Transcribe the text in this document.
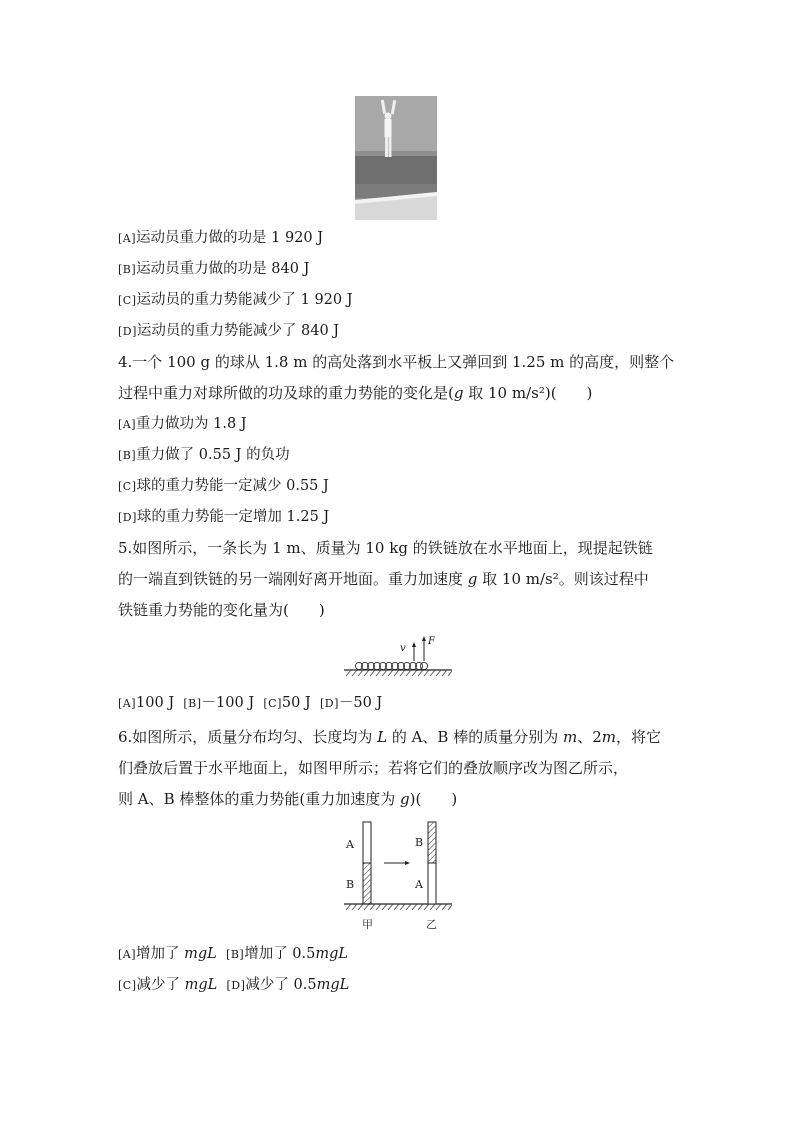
[A]运动员重力做的功是 1 920 J
[B]运动员重力做的功是 840 J
[C]运动员的重力势能减少了 1 920 J
[D]运动员的重力势能减少了 840 J
4.一个 100 g 的球从 1.8 m 的高处落到水平板上又弹回到 1.25 m 的高度，则整个
过程中重力对球所做的功及球的重力势能的变化是(g 取 10 m/s²)(　　)
[A]重力做功为 1.8 J
[B]重力做了 0.55 J 的负功
[C]球的重力势能一定减少 0.55 J
[D]球的重力势能一定增加 1.25 J
5.如图所示，一条长为 1 m、质量为 10 kg 的铁链放在水平地面上，现提起铁链
的一端直到铁链的另一端刚好离开地面。重力加速度 g 取 10 m/s²。则该过程中
铁链重力势能的变化量为(　　)
v
F
[A]100 J [B]－100 J [C]50 J [D]－50 J
6.如图所示，质量分布均匀、长度均为 L 的 A、B 棒的质量分别为 m、2m，将它
们叠放后置于水平地面上，如图甲所示；若将它们的叠放顺序改为图乙所示，
则 A、B 棒整体的重力势能(重力加速度为 g)(　　)
A
B
B
A
甲	乙
[A]增加了 mgL [B]增加了 0.5mgL
[C]减少了 mgL [D]减少了 0.5mgL
